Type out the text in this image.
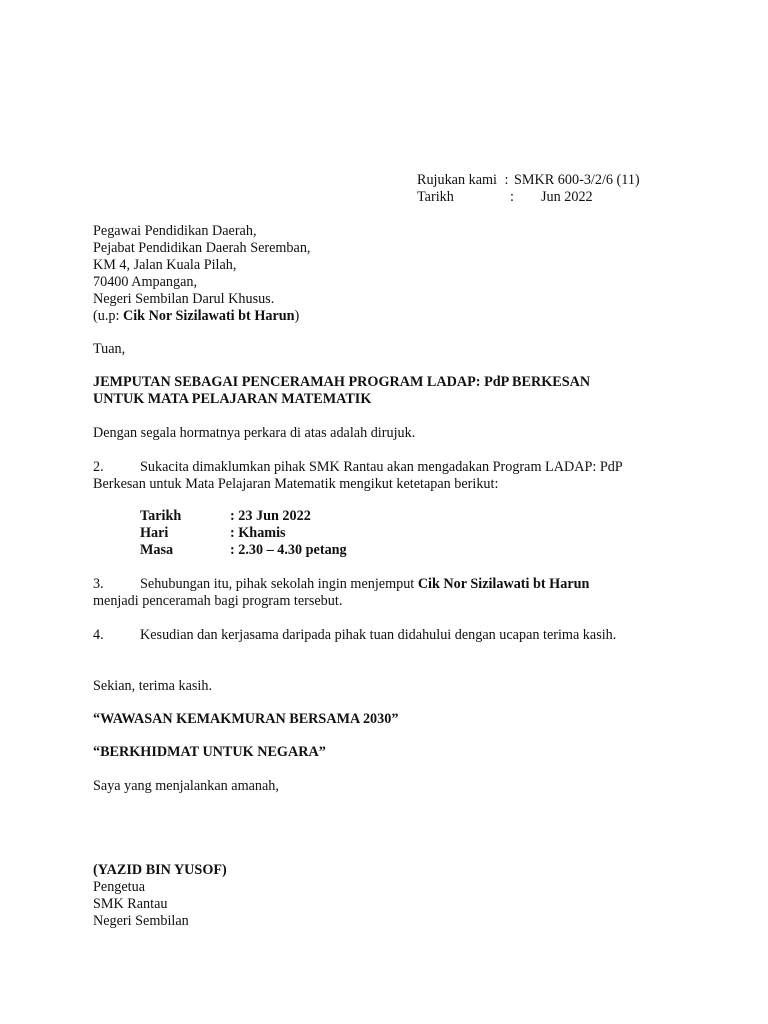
Rujukan kami : SMKR 600-3/2/6 (11)
Tarikh	: Jun 2022
Pegawai Pendidikan Daerah,
Pejabat Pendidikan Daerah Seremban,
KM 4, Jalan Kuala Pilah,
70400 Ampangan,
Negeri Sembilan Darul Khusus.
(u.p: Cik Nor Sizilawati bt Harun)
Tuan,
JEMPUTAN SEBAGAI PENCERAMAH PROGRAM LADAP: PdP BERKESAN
UNTUK MATA PELAJARAN MATEMATIK
Dengan segala hormatnya perkara di atas adalah dirujuk.
2.	Sukacita dimaklumkan pihak SMK Rantau akan mengadakan Program LADAP: PdP
Berkesan untuk Mata Pelajaran Matematik mengikut ketetapan berikut:
Tarikh	: 23 Jun 2022
Hari	: Khamis
Masa	: 2.30 – 4.30 petang
3.	Sehubungan itu, pihak sekolah ingin menjemput Cik Nor Sizilawati bt Harun
menjadi penceramah bagi program tersebut.
4.	Kesudian dan kerjasama daripada pihak tuan didahului dengan ucapan terima kasih.
Sekian, terima kasih.
“WAWASAN KEMAKMURAN BERSAMA 2030”
“BERKHIDMAT UNTUK NEGARA”
Saya yang menjalankan amanah,
(YAZID BIN YUSOF)
Pengetua
SMK Rantau
Negeri Sembilan
